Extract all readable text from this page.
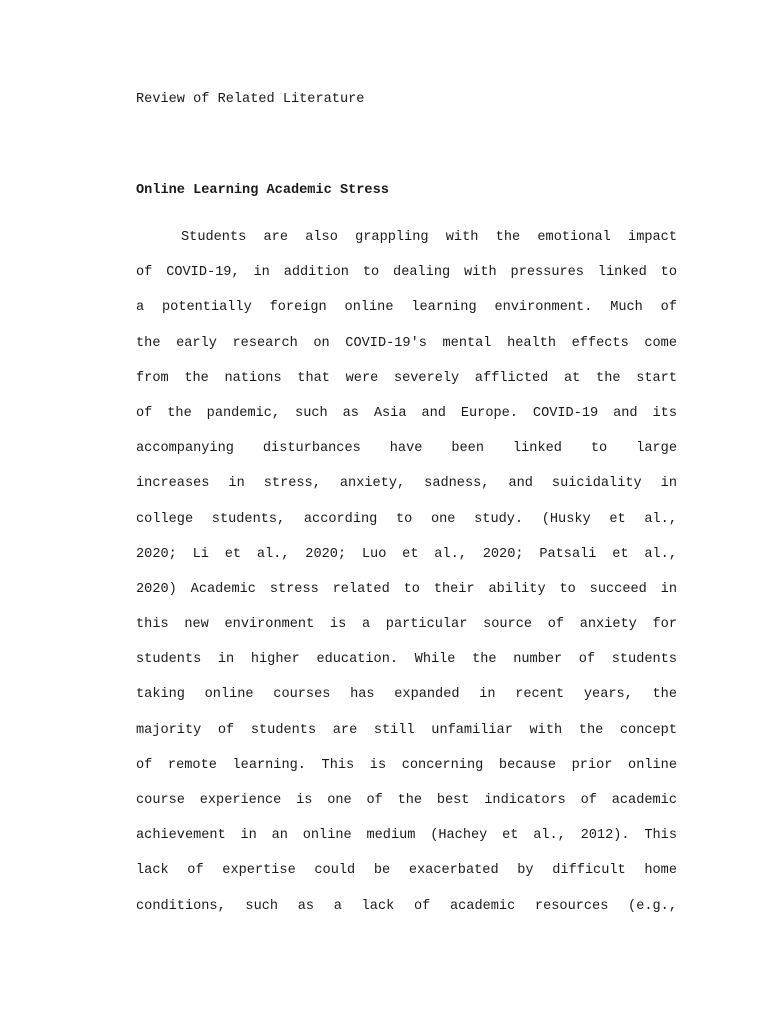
Review of Related Literature
Online Learning Academic Stress
Students are also grappling with the emotional impact
of COVID-19, in addition to dealing with pressures linked to
a potentially foreign online learning environment. Much of
the early research on COVID-19's mental health effects come
from the nations that were severely afflicted at the start
of the pandemic, such as Asia and Europe. COVID-19 and its
accompanying disturbances have been linked to large
increases in stress, anxiety, sadness, and suicidality in
college students, according to one study. (Husky et al.,
2020; Li et al., 2020; Luo et al., 2020; Patsali et al.,
2020) Academic stress related to their ability to succeed in
this new environment is a particular source of anxiety for
students in higher education. While the number of students
taking online courses has expanded in recent years, the
majority of students are still unfamiliar with the concept
of remote learning. This is concerning because prior online
course experience is one of the best indicators of academic
achievement in an online medium (Hachey et al., 2012). This
lack of expertise could be exacerbated by difficult home
conditions, such as a lack of academic resources (e.g.,
